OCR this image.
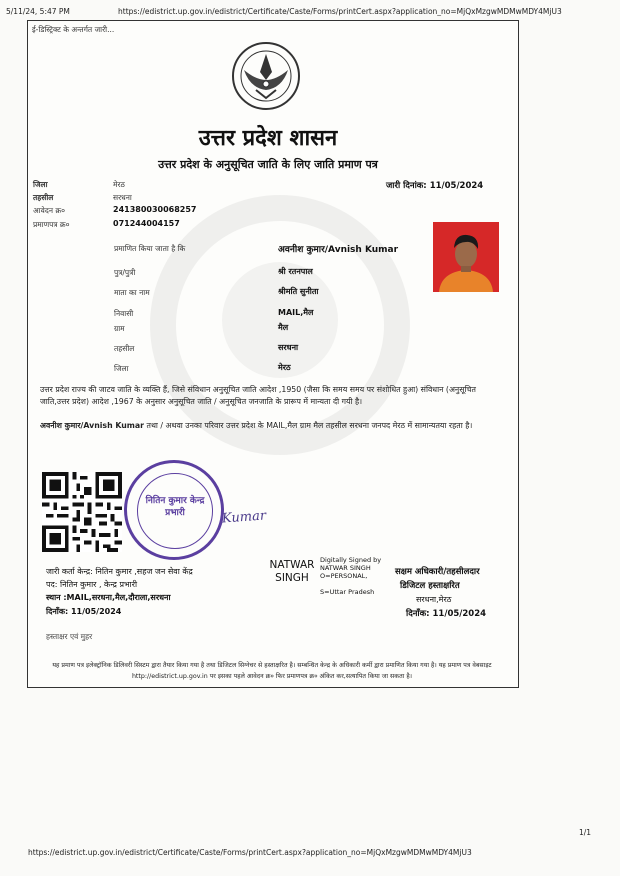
5/11/24, 5:47 PM	https://edistrict.up.gov.in/edistrict/Certificate/Caste/Forms/printCert.aspx?application_no=MjQxMzgwMDMwMDY4MjU3
ई-डिस्ट्रिक्ट के अन्तर्गत जारी...
उत्तर प्रदेश शासन
उत्तर प्रदेश के अनुसूचित जाति के लिए जाति प्रमाण पत्र
जिला	मेरठ
तहसील	सरधना
आवेदन क्र०	241380030068257
प्रमाणपत्र क्र०	071244004157
जारी दिनांक: 11/05/2024
प्रमाणित किया जाता है कि	अवनीश कुमार/Avnish Kumar
पुत्र/पुत्री	श्री रतनपाल
माता का नाम	श्रीमति सुनीता
निवासी	MAIL,मैल
ग्राम	मैल
तहसील	सरधना
जिला	मेरठ
उत्तर प्रदेश राज्य की जाटव जाति के व्यक्ति हैं, जिसे संविधान अनुसूचित जाति आदेश ,1950 (जैसा कि समय समय पर संशोधित हुआ) संविधान (अनुसूचित जाति,उत्तर प्रदेश) आदेश ,1967 के अनुसार अनुसूचित जाति / अनुसूचित जनजाति के प्रारूप में मान्यता दी गयी है।
अवनीश कुमार/Avnish Kumar तथा / अथवा उनका परिवार उत्तर प्रदेश के MAIL,मैल ग्राम मैल तहसील सरधना जनपद मेरठ में सामान्यतया रहता है।
नितिन कुमार केन्द्र प्रभारी	Kumar
जारी कर्ता केन्द्र: नितिन कुमार ,सहज जन सेवा केंद्र
पद: नितिन कुमार , केन्द्र प्रभारी
स्थान :MAIL,सरधना,मैल,दौराला,सरधना
दिनाँक: 11/05/2024
NATWAR SINGH
Digitally Signed by
NATWAR SINGH
O=PERSONAL,
S=Uttar Pradesh
सक्षम अधिकारी/तहसीलदार
डिजिटल हस्ताक्षरित
सरधना,मेरठ
दिनाँक: 11/05/2024
हस्ताक्षर एवं मुहर
यह प्रमाण पत्र इलेक्ट्रॉनिक डिलिवरी सिस्टम द्वारा तैयार किया गया है तथा डिजिटल सिग्नेचर से हस्ताक्षरित है। सम्बन्धित केन्द्र के अधिकारी कर्मी द्वारा प्रमाणित किया गया है। यह प्रमाण पत्र वेबसाइट http://edistrict.up.gov.in पर इसका पहले आवेदन क्र० फिर प्रमाणपत्र क्र० अंकित कर,सत्यापित किया जा सकता है।
https://edistrict.up.gov.in/edistrict/Certificate/Caste/Forms/printCert.aspx?application_no=MjQxMzgwMDMwMDY4MjU3
1/1
